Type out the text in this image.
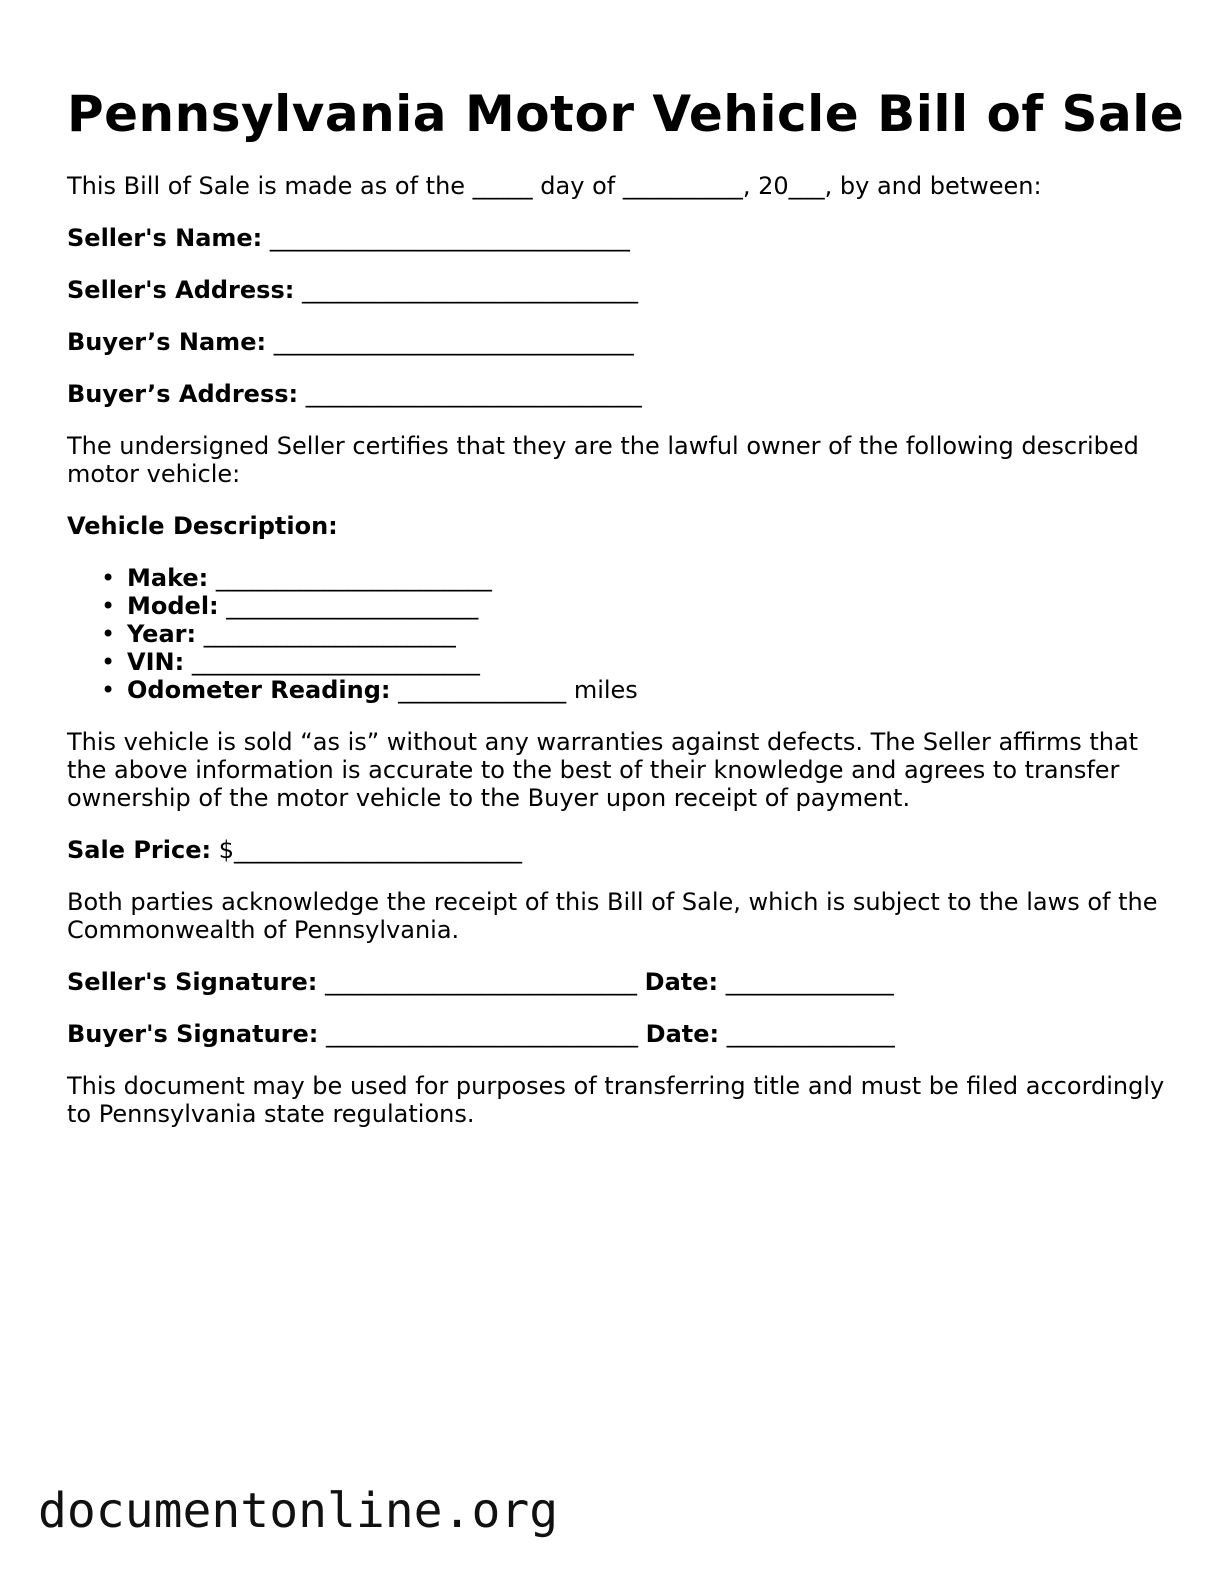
Pennsylvania Motor Vehicle Bill of Sale

This Bill of Sale is made as of the _____ day of __________, 20___, by and between:

Seller's Name: ______________________________

Seller's Address: ____________________________

Buyer’s Name: ______________________________

Buyer’s Address: ____________________________

The undersigned Seller certifies that they are the lawful owner of the following described motor vehicle:

Vehicle Description:

• Make: _______________________
• Model: _____________________
• Year: _____________________
• VIN: ________________________
• Odometer Reading: ______________ miles

This vehicle is sold “as is” without any warranties against defects. The Seller affirms that the above information is accurate to the best of their knowledge and agrees to transfer ownership of the motor vehicle to the Buyer upon receipt of payment.

Sale Price: $________________________

Both parties acknowledge the receipt of this Bill of Sale, which is subject to the laws of the Commonwealth of Pennsylvania.

Seller's Signature: __________________________ Date: ______________

Buyer's Signature: __________________________ Date: ______________

This document may be used for purposes of transferring title and must be filed accordingly to Pennsylvania state regulations.

documentonline.org
